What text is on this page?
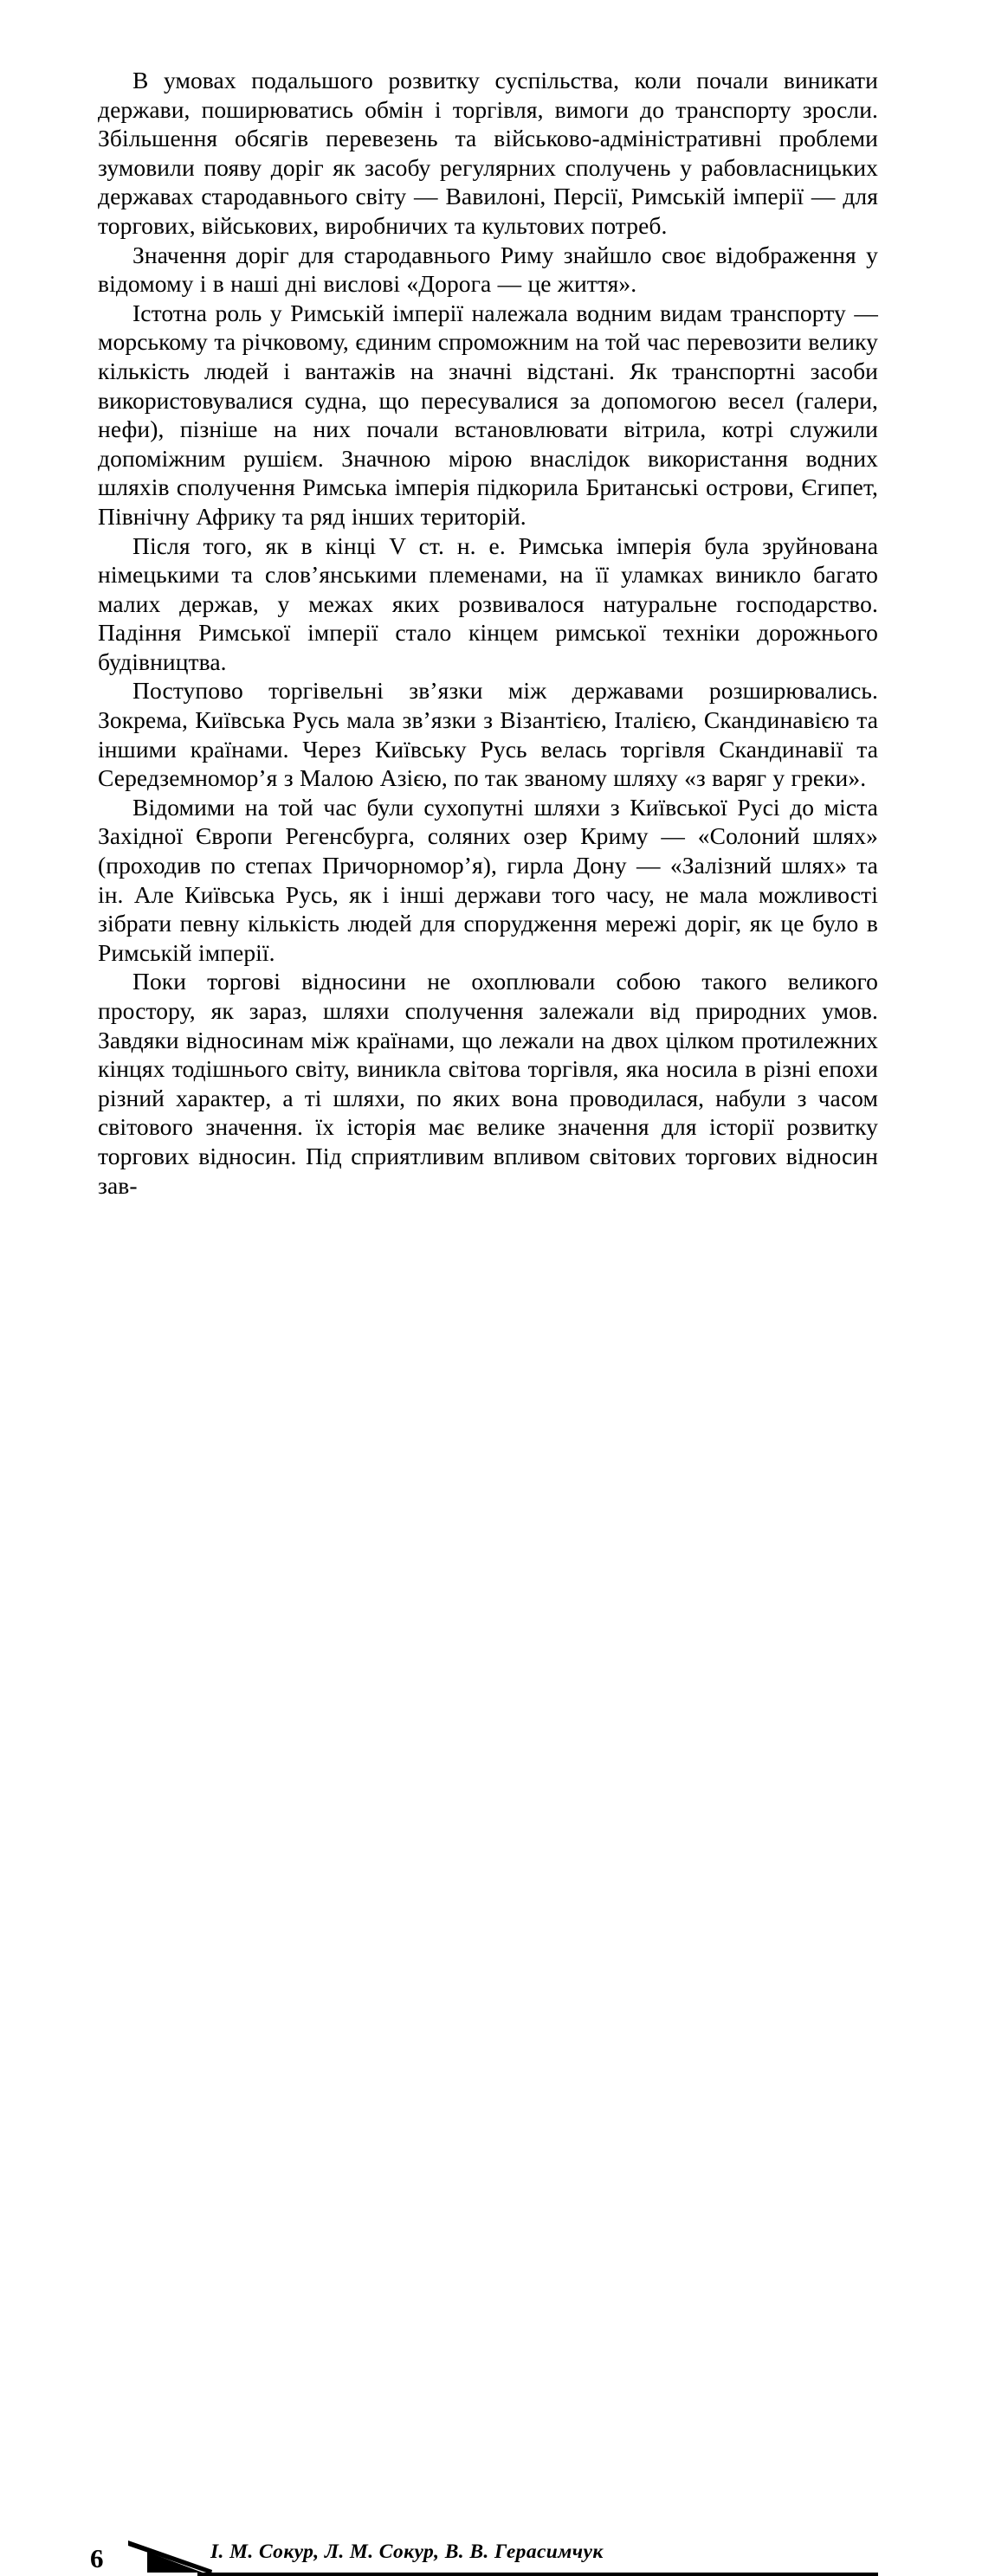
В умовах подальшого розвитку суспільства, коли почали виникати держави, поширюватись обмін і торгівля, вимоги до транспорту зросли. Збільшення обсягів перевезень та військово-адміністративні проблеми зумовили появу доріг як засобу регулярних сполучень у рабовласницьких державах стародавнього світу — Вавилоні, Персії, Римській імперії — для торгових, військових, виробничих та культових потреб.

Значення доріг для стародавнього Риму знайшло своє відображення у відомому і в наші дні вислові «Дорога — це життя».

Істотна роль у Римській імперії належала водним видам транспорту — морському та річковому, єдиним спроможним на той час перевозити велику кількість людей і вантажів на значні відстані. Як транспортні засоби використовувалися судна, що пересувалися за допомогою весел (галери, нефи), пізніше на них почали встановлювати вітрила, котрі служили допоміжним рушієм. Значною мірою внаслідок використання водних шляхів сполучення Римська імперія підкорила Британські острови, Єгипет, Північну Африку та ряд інших територій.

Після того, як в кінці V ст. н. е. Римська імперія була зруйнована німецькими та слов’янськими племенами, на її уламках виникло багато малих держав, у межах яких розвивалося натуральне господарство. Падіння Римської імперії стало кінцем римської техніки дорожнього будівництва.

Поступово торгівельні зв’язки між державами розширювались. Зокрема, Київська Русь мала зв’язки з Візантією, Італією, Скандинавією та іншими країнами. Через Київську Русь велась торгівля Скандинавії та Середземномор’я з Малою Азією, по так званому шляху «з варяг у греки».

Відомими на той час були сухопутні шляхи з Київської Русі до міста Західної Європи Регенсбурга, соляних озер Криму — «Солоний шлях» (проходив по степах Причорномор’я), гирла Дону — «Залізний шлях» та ін. Але Київська Русь, як і інші держави того часу, не мала можливості зібрати певну кількість людей для спорудження мережі доріг, як це було в Римській імперії.

Поки торгові відносини не охоплювали собою такого великого простору, як зараз, шляхи сполучення залежали від природних умов. Завдяки відносинам між країнами, що лежали на двох цілком протилежних кінцях тодішнього світу, виникла світова торгівля, яка носила в різні епохи різний характер, а ті шляхи, по яких вона проводилася, набули з часом світового значення. їх історія має велике значення для історії розвитку торгових відносин. Під сприятливим впливом світових торгових відносин зав-

6	І. М. Сокур, Л. М. Сокур, В. В. Герасимчук
